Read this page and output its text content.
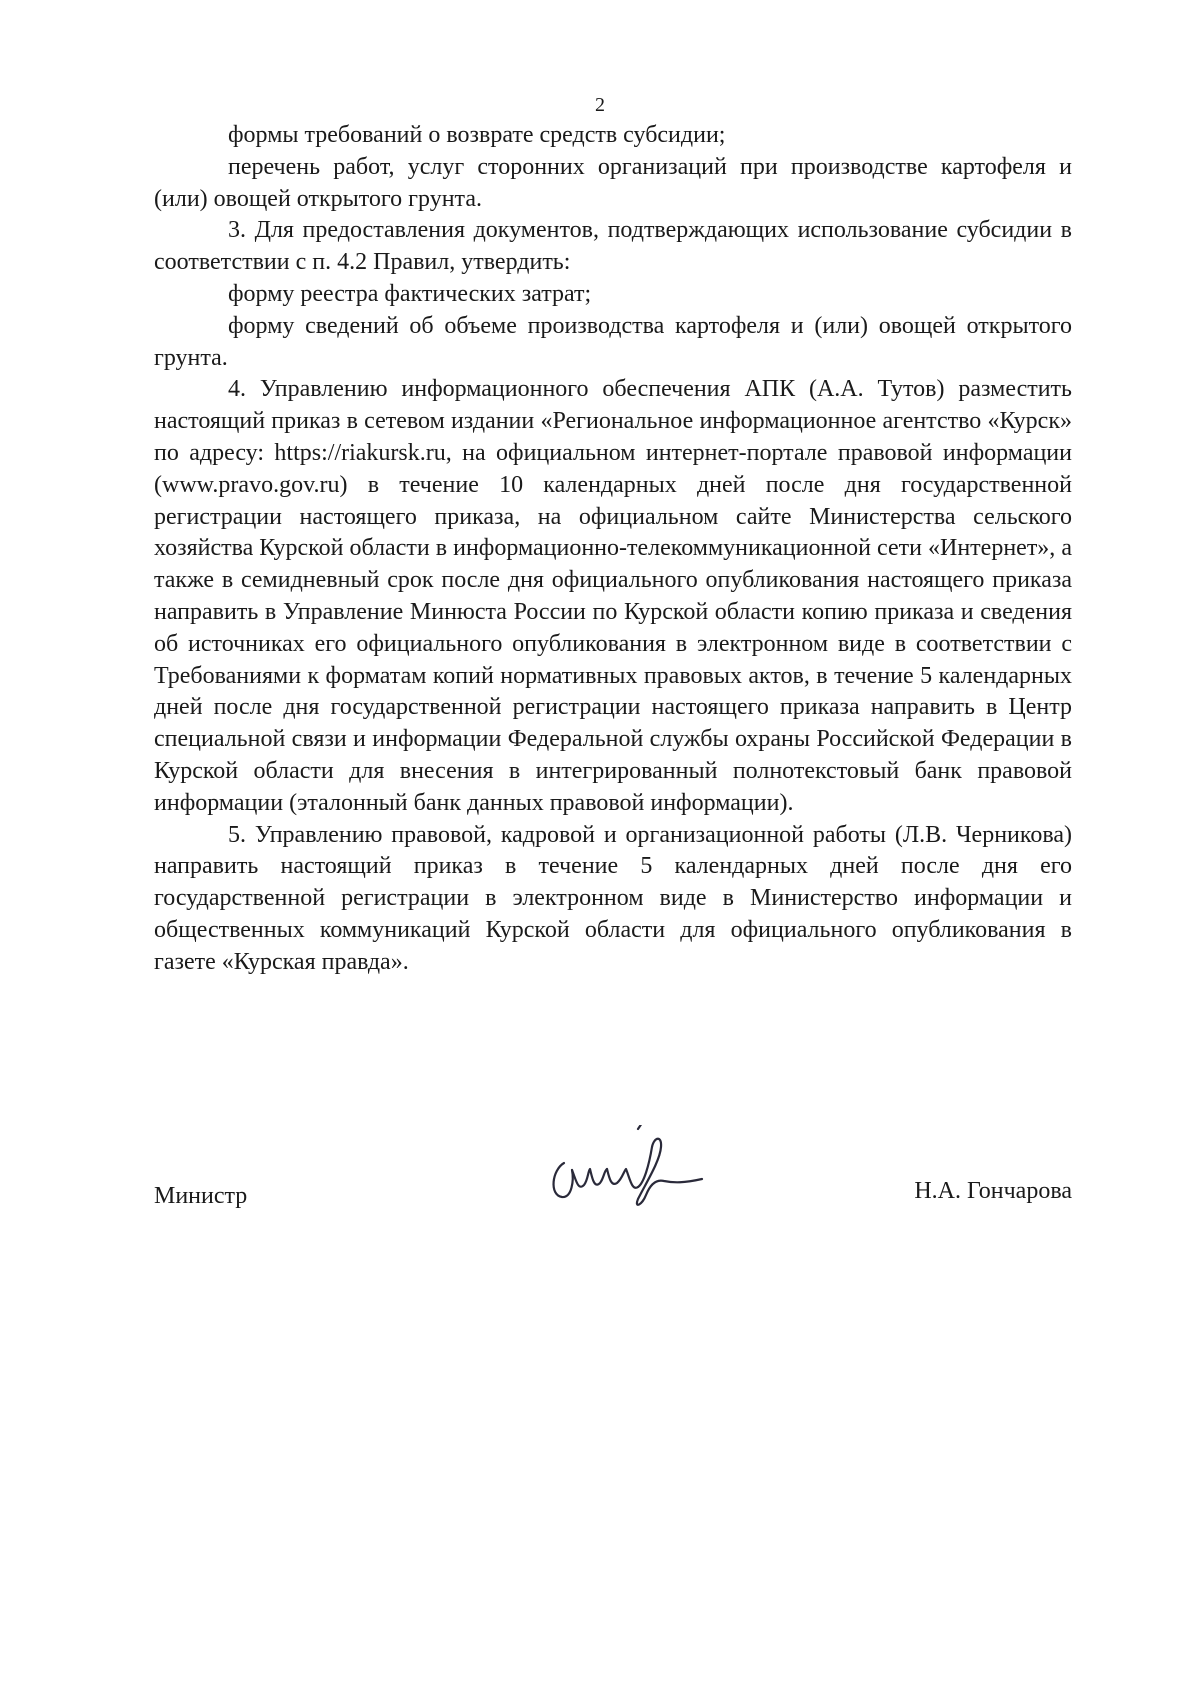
2

формы требований о возврате средств субсидии;

перечень работ, услуг сторонних организаций при производстве картофеля и (или) овощей открытого грунта.

3. Для предоставления документов, подтверждающих использование субсидии в соответствии с п. 4.2 Правил, утвердить:

форму реестра фактических затрат;

форму сведений об объеме производства картофеля и (или) овощей открытого грунта.

4. Управлению информационного обеспечения АПК (А.А. Тутов) разместить настоящий приказ в сетевом издании «Региональное информационное агентство «Курск» по адресу: https://riakursk.ru, на официальном интернет-портале правовой информации (www.pravo.gov.ru) в течение 10 календарных дней после дня государственной регистрации настоящего приказа, на официальном сайте Министерства сельского хозяйства Курской области в информационно-телекоммуникационной сети «Интернет», а также в семидневный срок после дня официального опубликования настоящего приказа направить в Управление Минюста России по Курской области копию приказа и сведения об источниках его официального опубликования в электронном виде в соответствии с Требованиями к форматам копий нормативных правовых актов, в течение 5 календарных дней после дня государственной регистрации настоящего приказа направить в Центр специальной связи и информации Федеральной службы охраны Российской Федерации в Курской области для внесения в интегрированный полнотекстовый банк правовой информации (эталонный банк данных правовой информации).

5. Управлению правовой, кадровой и организационной работы (Л.В. Черникова) направить настоящий приказ в течение 5 календарных дней после дня его государственной регистрации в электронном виде в Министерство информации и общественных коммуникаций Курской области для официального опубликования в газете «Курская правда».

Министр	Н.А. Гончарова
